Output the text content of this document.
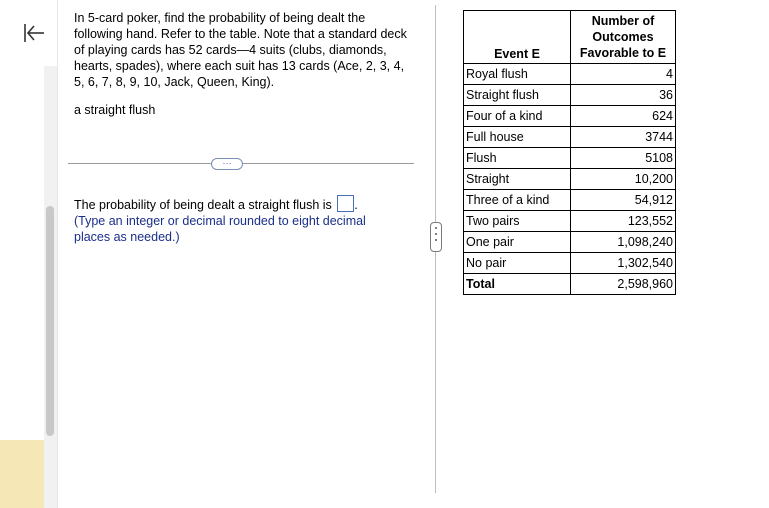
In 5-card poker, find the probability of being dealt the following hand. Refer to the table. Note that a standard deck of playing cards has 52 cards—4 suits (clubs, diamonds, hearts, spades), where each suit has 13 cards (Ace, 2, 3, 4, 5, 6, 7, 8, 9, 10, Jack, Queen, King).

a straight flush
···
The probability of being dealt a straight flush is .
(Type an integer or decimal rounded to eight decimal places as needed.)
Event E	Number of Outcomes Favorable to E
Royal flush	4
Straight flush	36
Four of a kind	624
Full house	3744
Flush	5108
Straight	10,200
Three of a kind	54,912
Two pairs	123,552
One pair	1,098,240
No pair	1,302,540
Total	2,598,960
